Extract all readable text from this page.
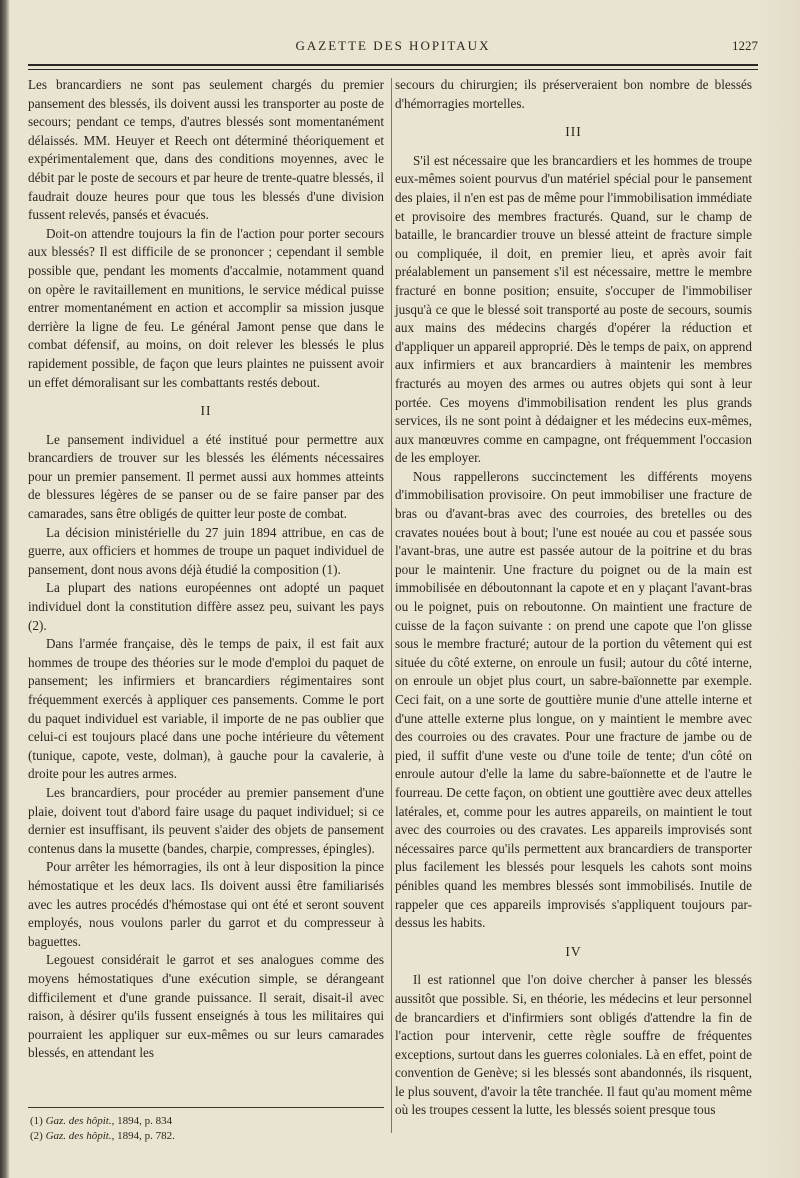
GAZETTE DES HOPITAUX	1227

Les brancardiers ne sont pas seulement chargés du premier pansement des blessés, ils doivent aussi les transporter au poste de secours; pendant ce temps, d'autres blessés sont momentanément délaissés. MM. Heuyer et Reech ont déterminé théoriquement et expérimentalement que, dans des conditions moyennes, avec le débit par le poste de secours et par heure de trente-quatre blessés, il faudrait douze heures pour que tous les blessés d'une division fussent relevés, pansés et évacués.

Doit-on attendre toujours la fin de l'action pour porter secours aux blessés? Il est difficile de se prononcer ; cependant il semble possible que, pendant les moments d'accalmie, notamment quand on opère le ravitaillement en munitions, le service médical puisse entrer momentanément en action et accomplir sa mission jusque derrière la ligne de feu. Le général Jamont pense que dans le combat défensif, au moins, on doit relever les blessés le plus rapidement possible, de façon que leurs plaintes ne puissent avoir un effet démoralisant sur les combattants restés debout.

II

Le pansement individuel a été institué pour permettre aux brancardiers de trouver sur les blessés les éléments nécessaires pour un premier pansement. Il permet aussi aux hommes atteints de blessures légères de se panser ou de se faire panser par des camarades, sans être obligés de quitter leur poste de combat.

La décision ministérielle du 27 juin 1894 attribue, en cas de guerre, aux officiers et hommes de troupe un paquet individuel de pansement, dont nous avons déjà étudié la composition (1).

La plupart des nations européennes ont adopté un paquet individuel dont la constitution diffère assez peu, suivant les pays (2).

Dans l'armée française, dès le temps de paix, il est fait aux hommes de troupe des théories sur le mode d'emploi du paquet de pansement; les infirmiers et brancardiers régimentaires sont fréquemment exercés à appliquer ces pansements. Comme le port du paquet individuel est variable, il importe de ne pas oublier que celui-ci est toujours placé dans une poche intérieure du vêtement (tunique, capote, veste, dolman), à gauche pour la cavalerie, à droite pour les autres armes.

Les brancardiers, pour procéder au premier pansement d'une plaie, doivent tout d'abord faire usage du paquet individuel; si ce dernier est insuffisant, ils peuvent s'aider des objets de pansement contenus dans la musette (bandes, charpie, compresses, épingles).

Pour arrêter les hémorragies, ils ont à leur disposition la pince hémostatique et les deux lacs. Ils doivent aussi être familiarisés avec les autres procédés d'hémostase qui ont été et seront souvent employés, nous voulons parler du garrot et du compresseur à baguettes.

Legouest considérait le garrot et ses analogues comme des moyens hémostatiques d'une exécution simple, se dérangeant difficilement et d'une grande puissance. Il serait, disait-il avec raison, à désirer qu'ils fussent enseignés à tous les militaires qui pourraient les appliquer sur eux-mêmes ou sur leurs camarades blessés, en attendant les

(1) Gaz. des hôpit., 1894, p. 834
(2) Gaz. des hôpit., 1894, p. 782.

secours du chirurgien; ils préserveraient bon nombre de blessés d'hémorragies mortelles.

III

S'il est nécessaire que les brancardiers et les hommes de troupe eux-mêmes soient pourvus d'un matériel spécial pour le pansement des plaies, il n'en est pas de même pour l'immobilisation immédiate et provisoire des membres fracturés. Quand, sur le champ de bataille, le brancardier trouve un blessé atteint de fracture simple ou compliquée, il doit, en premier lieu, et après avoir fait préalablement un pansement s'il est nécessaire, mettre le membre fracturé en bonne position; ensuite, s'occuper de l'immobiliser jusqu'à ce que le blessé soit transporté au poste de secours, soumis aux mains des médecins chargés d'opérer la réduction et d'appliquer un appareil approprié. Dès le temps de paix, on apprend aux infirmiers et aux brancardiers à maintenir les membres fracturés au moyen des armes ou autres objets qui sont à leur portée. Ces moyens d'immobilisation rendent les plus grands services, ils ne sont point à dédaigner et les médecins eux-mêmes, aux manœuvres comme en campagne, ont fréquemment l'occasion de les employer.

Nous rappellerons succinctement les différents moyens d'immobilisation provisoire. On peut immobiliser une fracture de bras ou d'avant-bras avec des courroies, des bretelles ou des cravates nouées bout à bout; l'une est nouée au cou et passée sous l'avant-bras, une autre est passée autour de la poitrine et du bras pour le maintenir. Une fracture du poignet ou de la main est immobilisée en déboutonnant la capote et en y plaçant l'avant-bras ou le poignet, puis on reboutonne. On maintient une fracture de cuisse de la façon suivante : on prend une capote que l'on glisse sous le membre fracturé; autour de la portion du vêtement qui est située du côté externe, on enroule un fusil; autour du côté interne, on enroule un objet plus court, un sabre-baïonnette par exemple. Ceci fait, on a une sorte de gouttière munie d'une attelle interne et d'une attelle externe plus longue, on y maintient le membre avec des courroies ou des cravates. Pour une fracture de jambe ou de pied, il suffit d'une veste ou d'une toile de tente; d'un côté on enroule autour d'elle la lame du sabre-baïonnette et de l'autre le fourreau. De cette façon, on obtient une gouttière avec deux attelles latérales, et, comme pour les autres appareils, on maintient le tout avec des courroies ou des cravates. Les appareils improvisés sont nécessaires parce qu'ils permettent aux brancardiers de transporter plus facilement les blessés pour lesquels les cahots sont moins pénibles quand les membres blessés sont immobilisés. Inutile de rappeler que ces appareils improvisés s'appliquent toujours par-dessus les habits.

IV

Il est rationnel que l'on doive chercher à panser les blessés aussitôt que possible. Si, en théorie, les médecins et leur personnel de brancardiers et d'infirmiers sont obligés d'attendre la fin de l'action pour intervenir, cette règle souffre de fréquentes exceptions, surtout dans les guerres coloniales. Là en effet, point de convention de Genève; si les blessés sont abandonnés, ils risquent, le plus souvent, d'avoir la tête tranchée. Il faut qu'au moment même où les troupes cessent la lutte, les blessés soient presque tous
